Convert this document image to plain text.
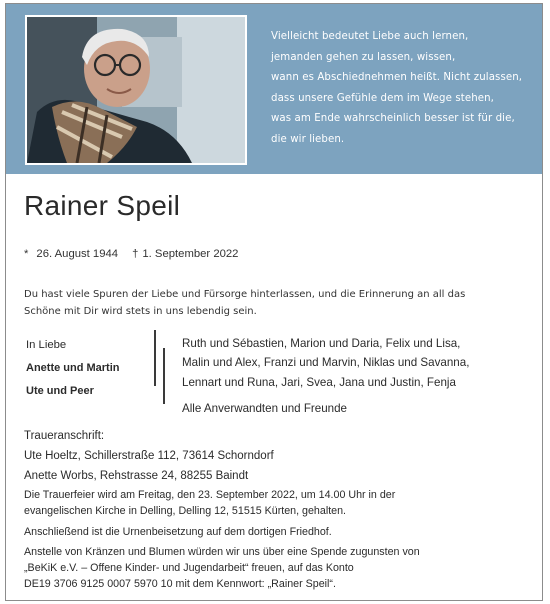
Vielleicht bedeutet Liebe auch lernen,
jemanden gehen zu lassen, wissen,
wann es Abschiednehmen heißt. Nicht zulassen,
dass unsere Gefühle dem im Wege stehen,
was am Ende wahrscheinlich besser ist für die,
die wir lieben.
Rainer Speil
* 26. August 1944 † 1. September 2022
Du hast viele Spuren der Liebe und Fürsorge hinterlassen, und die Erinnerung an all das
Schöne mit Dir wird stets in uns lebendig sein.
In Liebe
Anette und Martin
Ute und Peer
Ruth und Sébastien, Marion und Daria, Felix und Lisa,
Malin und Alex, Franzi und Marvin, Niklas und Savanna,
Lennart und Runa, Jari, Svea, Jana und Justin, Fenja
Alle Anverwandten und Freunde
Traueranschrift:
Ute Hoeltz, Schillerstraße 112, 73614 Schorndorf
Anette Worbs, Rehstrasse 24, 88255 Baindt
Die Trauerfeier wird am Freitag, den 23. September 2022, um 14.00 Uhr in der
evangelischen Kirche in Delling, Delling 12, 51515 Kürten, gehalten.
Anschließend ist die Urnenbeisetzung auf dem dortigen Friedhof.
Anstelle von Kränzen und Blumen würden wir uns über eine Spende zugunsten von
„BeKiK e.V. – Offene Kinder- und Jugendarbeit“ freuen, auf das Konto
DE19 3706 9125 0007 5970 10 mit dem Kennwort: „Rainer Speil“.
